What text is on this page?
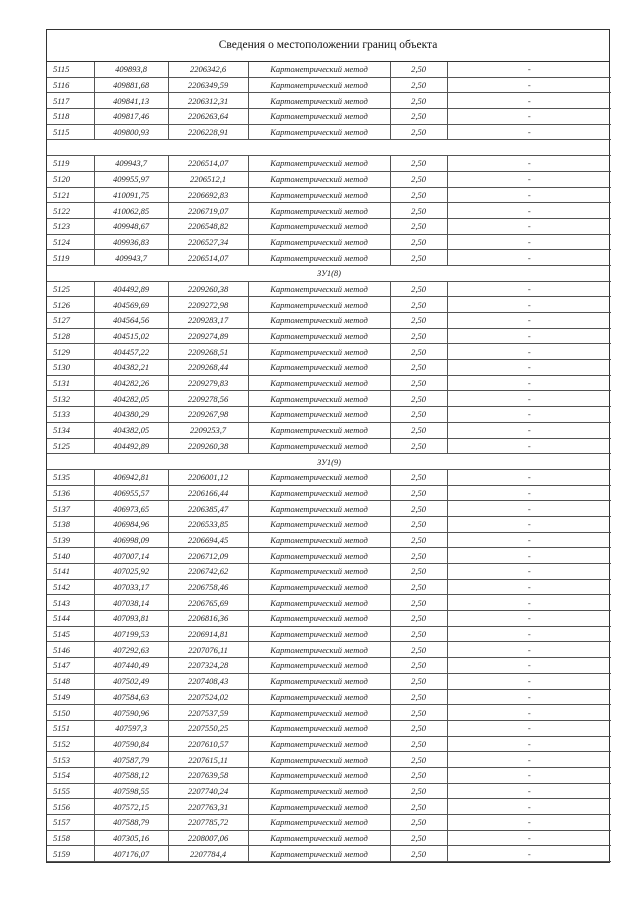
Сведения о местоположении границ объекта
5115	409893,8	2206342,6	Картометрический метод	2,50	-
5116	409881,68	2206349,59	Картометрический метод	2,50	-
5117	409841,13	2206312,31	Картометрический метод	2,50	-
5118	409817,46	2206263,64	Картометрический метод	2,50	-
5115	409800,93	2206228,91	Картометрический метод	2,50	-

5119	409943,7	2206514,07	Картометрический метод	2,50	-
5120	409955,97	2206512,1	Картометрический метод	2,50	-
5121	410091,75	2206692,83	Картометрический метод	2,50	-
5122	410062,85	2206719,07	Картометрический метод	2,50	-
5123	409948,67	2206548,82	Картометрический метод	2,50	-
5124	409936,83	2206527,34	Картометрический метод	2,50	-
5119	409943,7	2206514,07	Картометрический метод	2,50	-
ЗУ1(8)					
5125	404492,89	2209260,38	Картометрический метод	2,50	-
5126	404569,69	2209272,98	Картометрический метод	2,50	-
5127	404564,56	2209283,17	Картометрический метод	2,50	-
5128	404515,02	2209274,89	Картометрический метод	2,50	-
5129	404457,22	2209268,51	Картометрический метод	2,50	-
5130	404382,21	2209268,44	Картометрический метод	2,50	-
5131	404282,26	2209279,83	Картометрический метод	2,50	-
5132	404282,05	2209278,56	Картометрический метод	2,50	-
5133	404380,29	2209267,98	Картометрический метод	2,50	-
5134	404382,05	2209253,7	Картометрический метод	2,50	-
5125	404492,89	2209260,38	Картометрический метод	2,50	-
ЗУ1(9)					
5135	406942,81	2206001,12	Картометрический метод	2,50	-
5136	406955,57	2206166,44	Картометрический метод	2,50	-
5137	406973,65	2206385,47	Картометрический метод	2,50	-
5138	406984,96	2206533,85	Картометрический метод	2,50	-
5139	406998,09	2206694,45	Картометрический метод	2,50	-
5140	407007,14	2206712,09	Картометрический метод	2,50	-
5141	407025,92	2206742,62	Картометрический метод	2,50	-
5142	407033,17	2206758,46	Картометрический метод	2,50	-
5143	407038,14	2206765,69	Картометрический метод	2,50	-
5144	407093,81	2206816,36	Картометрический метод	2,50	-
5145	407199,53	2206914,81	Картометрический метод	2,50	-
5146	407292,63	2207076,11	Картометрический метод	2,50	-
5147	407440,49	2207324,28	Картометрический метод	2,50	-
5148	407502,49	2207408,43	Картометрический метод	2,50	-
5149	407584,63	2207524,02	Картометрический метод	2,50	-
5150	407590,96	2207537,59	Картометрический метод	2,50	-
5151	407597,3	2207550,25	Картометрический метод	2,50	-
5152	407590,84	2207610,57	Картометрический метод	2,50	-
5153	407587,79	2207615,11	Картометрический метод	2,50	-
5154	407588,12	2207639,58	Картометрический метод	2,50	-
5155	407598,55	2207740,24	Картометрический метод	2,50	-
5156	407572,15	2207763,31	Картометрический метод	2,50	-
5157	407588,79	2207785,72	Картометрический метод	2,50	-
5158	407305,16	2208007,06	Картометрический метод	2,50	-
5159	407176,07	2207784,4	Картометрический метод	2,50	-
